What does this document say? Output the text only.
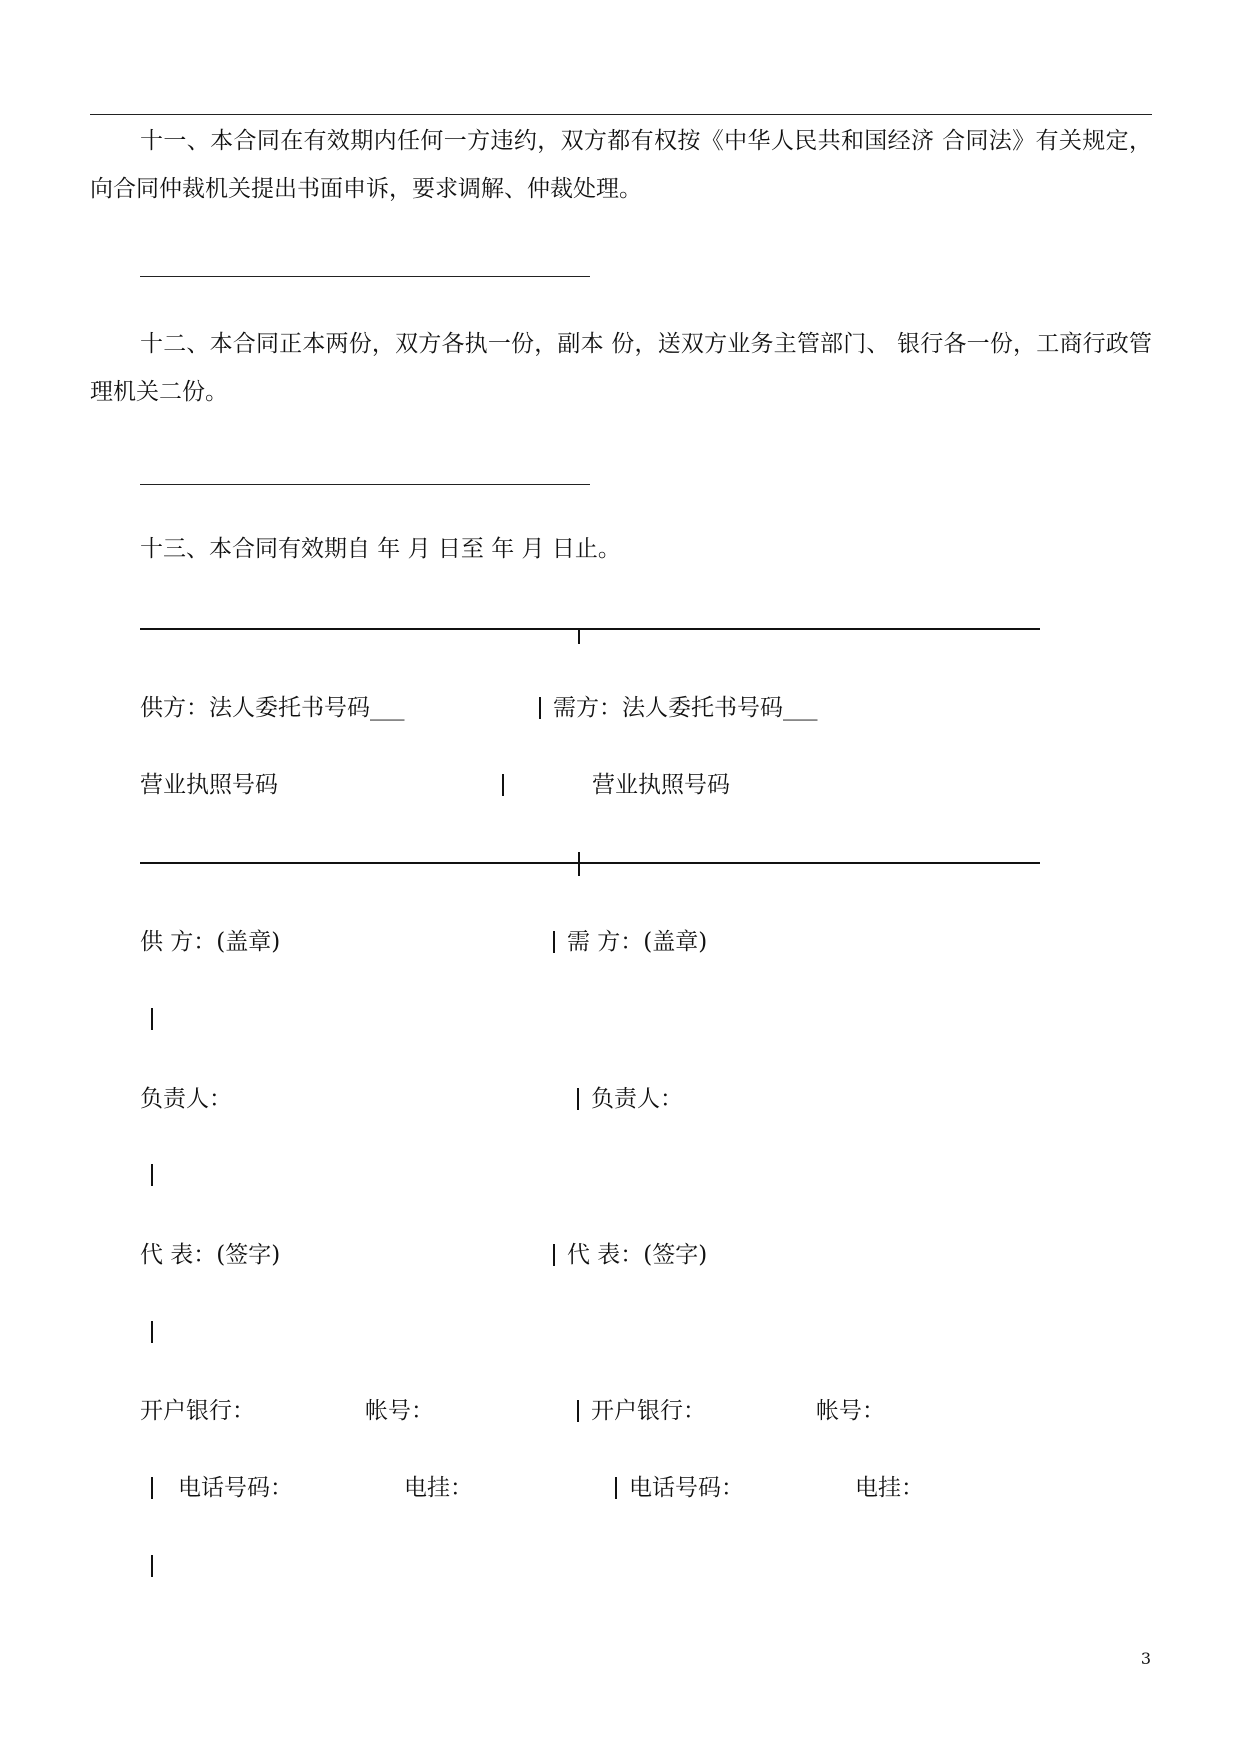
十一、本合同在有效期内任何一方违约，双方都有权按《中华人民共和国经济 合同法》有关规定，向合同仲裁机关提出书面申诉，要求调解、仲裁处理。
十二、本合同正本两份，双方各执一份，副本 份，送双方业务主管部门、 银行各一份，工商行政管理机关二份。
十三、本合同有效期自 年 月 日至 年 月 日止。
供方：法人委托书号码___	需方：法人委托书号码___
营业执照号码	营业执照号码
供 方：(盖章)	需 方：(盖章)
负责人：	负责人：
代 表：(签字)	代 表：(签字)
开户银行：	帐号：	开户银行：	帐号：
电话号码：	电挂：	电话号码：	电挂：
3
